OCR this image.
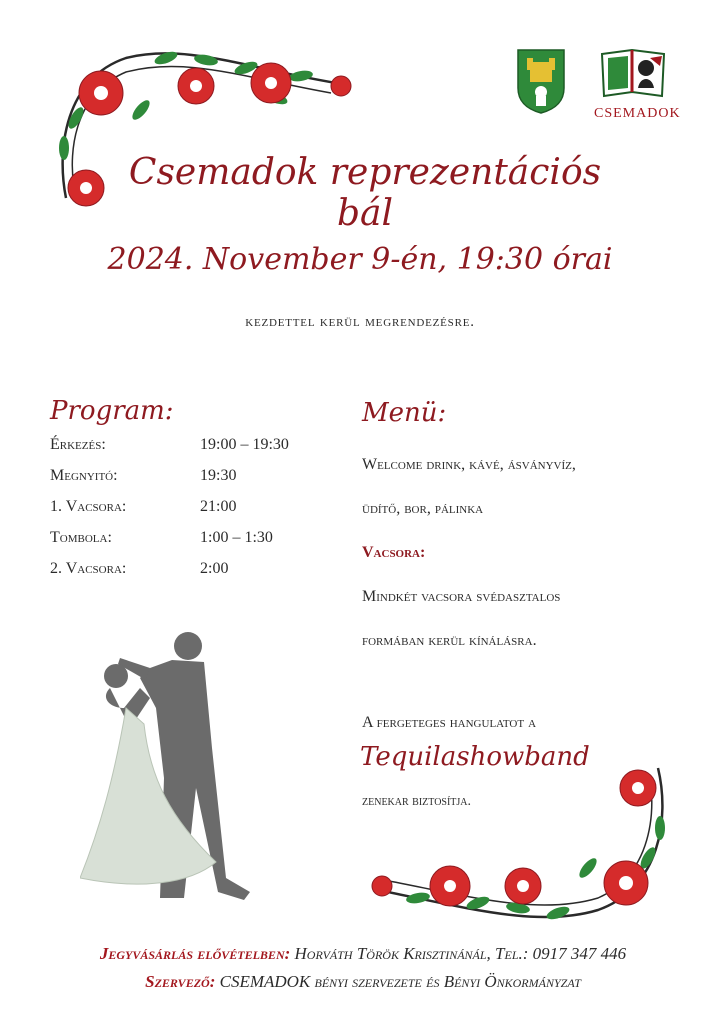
CSEMADOK
Csemadok reprezentációs bál
2024. November 9-én, 19:30 órai
kezdettel kerül megrendezésre.
Program:
Érkezés:	19:00 – 19:30
Megnyitó:	19:30
1. Vacsora:	21:00
Tombola:	1:00 – 1:30
2. Vacsora:	2:00
Menü:
Welcome drink, kávé, ásványvíz,
üdítő, bor, pálinka
Vacsora:
Mindkét vacsora svédasztalos
formában kerül kínálásra.
A fergeteges hangulatot a
Tequilashowband
zenekar biztosítja.
Jegyvásárlás elővételben: Horváth Török Krisztinánál, Tel.: 0917 347 446
Szervező: CSEMADOK bényi szervezete és Bényi Önkormányzat
